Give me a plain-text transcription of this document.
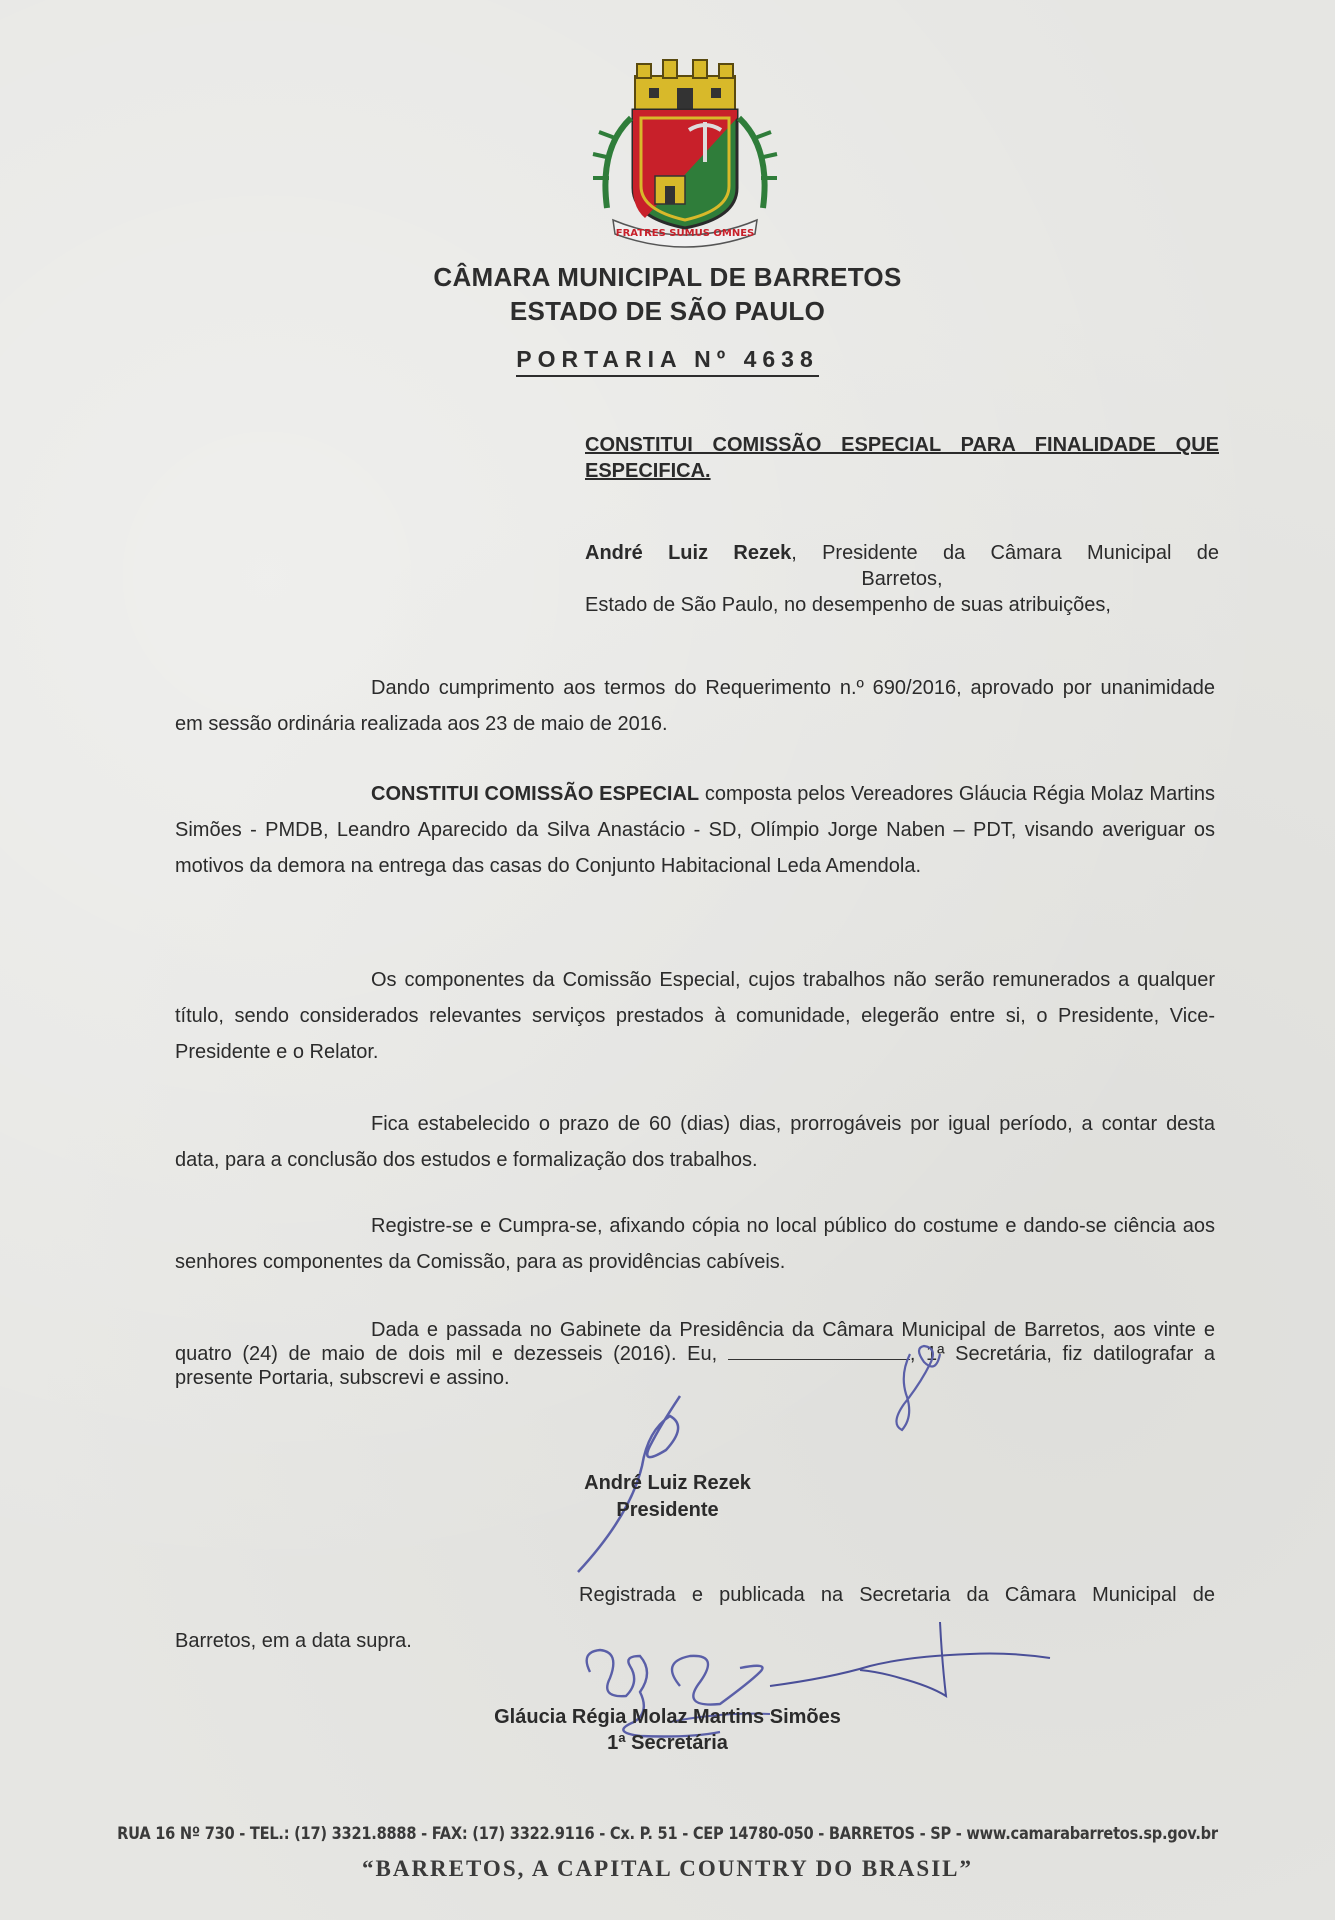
FRATRES SUMUS OMNES
CÂMARA MUNICIPAL DE BARRETOS
ESTADO DE SÃO PAULO
PORTARIA Nº 4638
CONSTITUI COMISSÃO ESPECIAL PARA FINALIDADE QUE ESPECIFICA.
André Luiz Rezek, Presidente da Câmara Municipal de
Barretos,
Estado de São Paulo, no desempenho de suas atribuições,
Dando cumprimento aos termos do Requerimento n.º 690/2016, aprovado por unanimidade em sessão ordinária realizada aos 23 de maio de 2016.
CONSTITUI COMISSÃO ESPECIAL composta pelos Vereadores Gláucia Régia Molaz Martins Simões - PMDB, Leandro Aparecido da Silva Anastácio - SD, Olímpio Jorge Naben – PDT, visando averiguar os motivos da demora na entrega das casas do Conjunto Habitacional Leda Amendola.
Os componentes da Comissão Especial, cujos trabalhos não serão remunerados a qualquer título, sendo considerados relevantes serviços prestados à comunidade, elegerão entre si, o Presidente, Vice-Presidente e o Relator.
Fica estabelecido o prazo de 60 (dias) dias, prorrogáveis por igual período, a contar desta data, para a conclusão dos estudos e formalização dos trabalhos.
Registre-se e Cumpra-se, afixando cópia no local público do costume e dando-se ciência aos senhores componentes da Comissão, para as providências cabíveis.
Dada e passada no Gabinete da Presidência da Câmara Municipal de Barretos, aos vinte e quatro (24) de maio de dois mil e dezesseis (2016). Eu,	, 1ª Secretária, fiz datilografar a presente Portaria, subscrevi e assino.
André Luiz Rezek
Presidente
Registrada e publicada na Secretaria da Câmara Municipal de Barretos, em a data supra.
Gláucia Régia Molaz Martins Simões
1ª Secretária
RUA 16 Nº 730 - TEL.: (17) 3321.8888 - FAX: (17) 3322.9116 - Cx. P. 51 - CEP 14780-050 - BARRETOS - SP - www.camarabarretos.sp.gov.br
“BARRETOS, A CAPITAL COUNTRY DO BRASIL”
